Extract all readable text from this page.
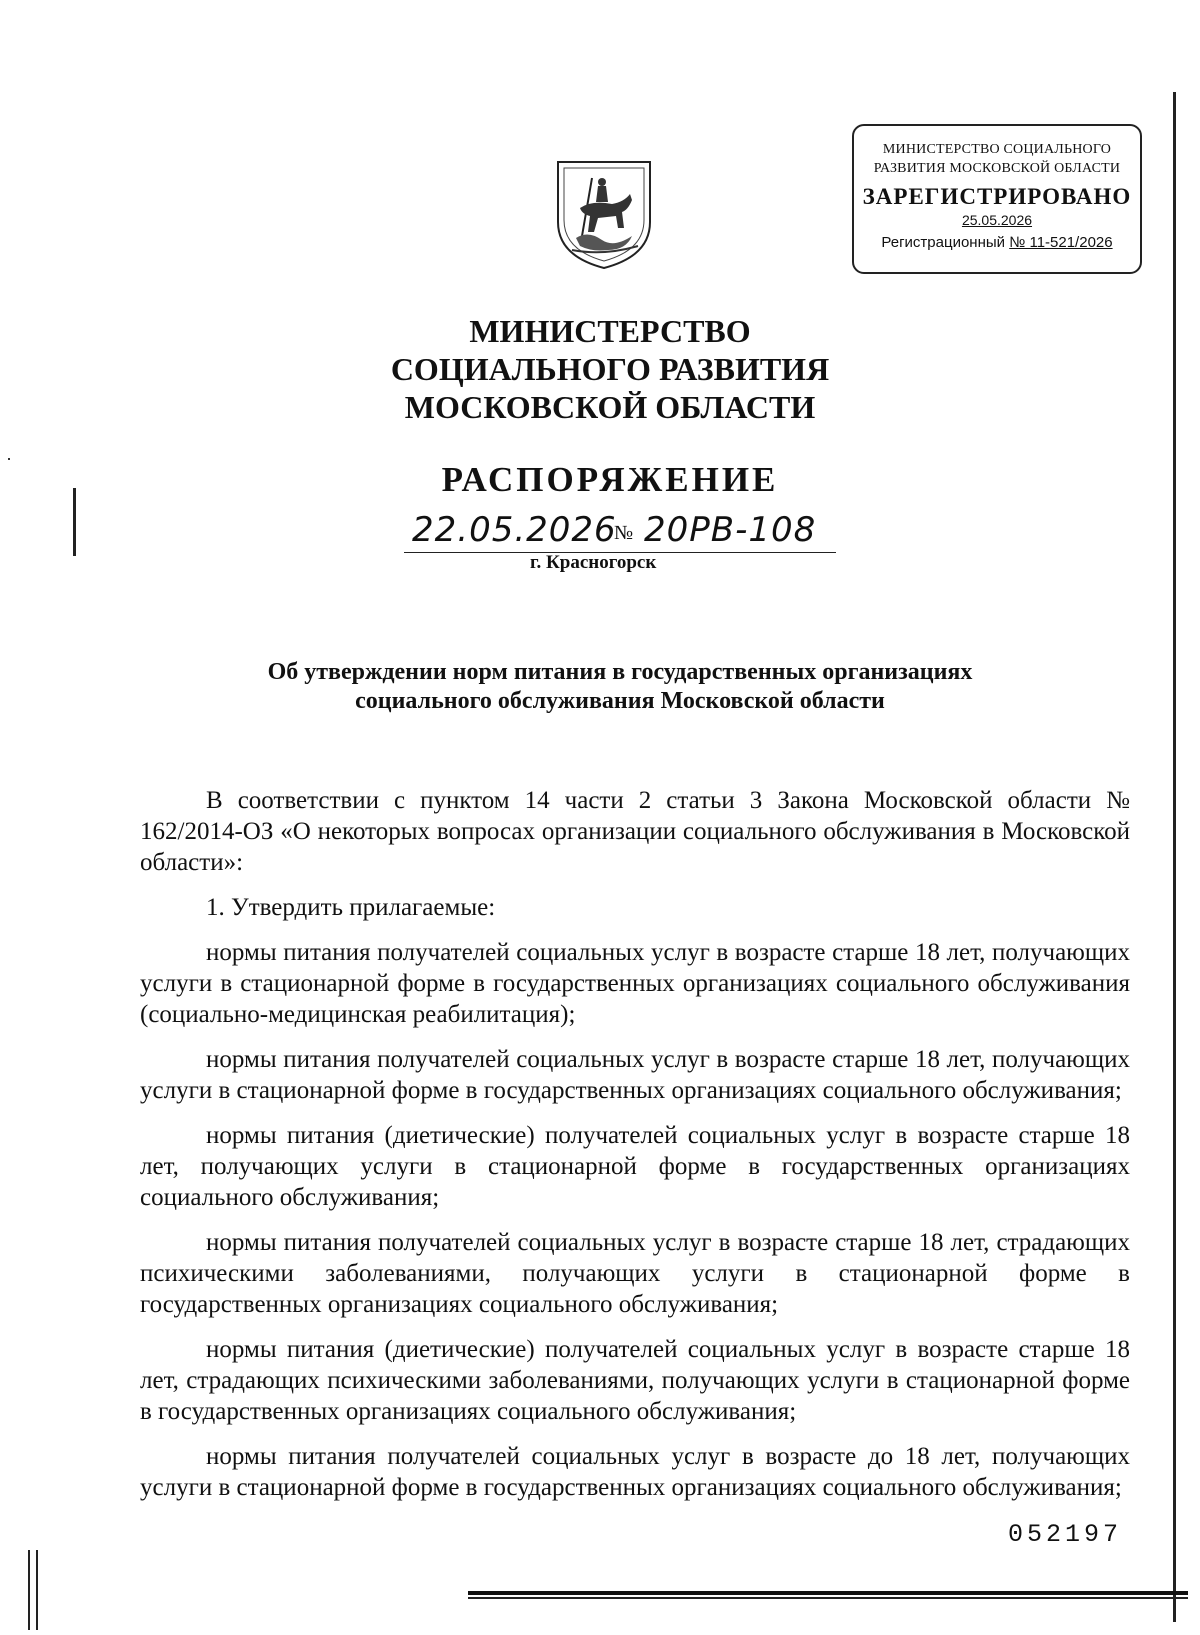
МИНИСТЕРСТВО СОЦИАЛЬНОГО
РАЗВИТИЯ МОСКОВСКОЙ ОБЛАСТИ
ЗАРЕГИСТРИРОВАНО
25.05.2026
Регистрационный № 11-521/2026
МИНИСТЕРСТВО
СОЦИАЛЬНОГО РАЗВИТИЯ
МОСКОВСКОЙ ОБЛАСТИ
РАСПОРЯЖЕНИЕ
22.05.2026
№ 20РВ-108
г. Красногорск
Об утверждении норм питания в государственных организациях
социального обслуживания Московской области

В соответствии с пунктом 14 части 2 статьи 3 Закона Московской области № 162/2014-ОЗ «О некоторых вопросах организации социального обслуживания в Московской области»:

1. Утвердить прилагаемые:

нормы питания получателей социальных услуг в возрасте старше 18 лет, получающих услуги в стационарной форме в государственных организациях социального обслуживания (социально-медицинская реабилитация);

нормы питания получателей социальных услуг в возрасте старше 18 лет, получающих услуги в стационарной форме в государственных организациях социального обслуживания;

нормы питания (диетические) получателей социальных услуг в возрасте старше 18 лет, получающих услуги в стационарной форме в государственных организациях социального обслуживания;

нормы питания получателей социальных услуг в возрасте старше 18 лет, страдающих психическими заболеваниями, получающих услуги в стационарной форме в государственных организациях социального обслуживания;

нормы питания (диетические) получателей социальных услуг в возрасте старше 18 лет, страдающих психическими заболеваниями, получающих услуги в стационарной форме в государственных организациях социального обслуживания;

нормы питания получателей социальных услуг в возрасте до 18 лет, получающих услуги в стационарной форме в государственных организациях социального обслуживания;

052197
